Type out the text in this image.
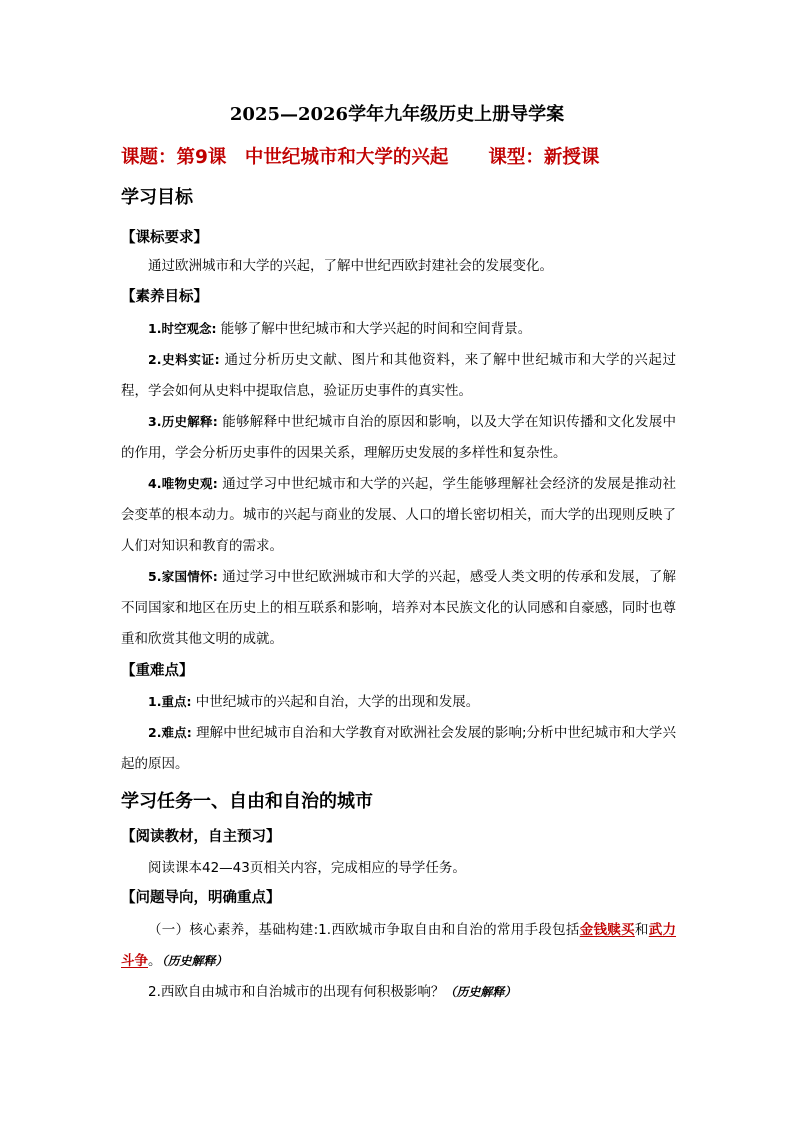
2025—2026学年九年级历史上册导学案
课题：第9课　中世纪城市和大学的兴起 课型：新授课
学习目标
【课标要求】
通过欧洲城市和大学的兴起，了解中世纪西欧封建社会的发展变化。
【素养目标】
1.时空观念: 能够了解中世纪城市和大学兴起的时间和空间背景。
2.史料实证: 通过分析历史文献、图片和其他资料，来了解中世纪城市和大学的兴起过程，学会如何从史料中提取信息，验证历史事件的真实性。
3.历史解释: 能够解释中世纪城市自治的原因和影响，以及大学在知识传播和文化发展中的作用，学会分析历史事件的因果关系，理解历史发展的多样性和复杂性。
4.唯物史观: 通过学习中世纪城市和大学的兴起，学生能够理解社会经济的发展是推动社会变革的根本动力。城市的兴起与商业的发展、人口的增长密切相关，而大学的出现则反映了人们对知识和教育的需求。
5.家国情怀: 通过学习中世纪欧洲城市和大学的兴起，感受人类文明的传承和发展，了解不同国家和地区在历史上的相互联系和影响，培养对本民族文化的认同感和自豪感，同时也尊重和欣赏其他文明的成就。
【重难点】
1.重点: 中世纪城市的兴起和自治，大学的出现和发展。
2.难点: 理解中世纪城市自治和大学教育对欧洲社会发展的影响;分析中世纪城市和大学兴起的原因。
学习任务一、自由和自治的城市
【阅读教材，自主预习】
阅读课本42—43页相关内容，完成相应的导学任务。
【问题导向，明确重点】
（一）核心素养，基础构建:1.西欧城市争取自由和自治的常用手段包括金钱赎买和武力斗争。（历史解释）
2.西欧自由城市和自治城市的出现有何积极影响？（历史解释）
